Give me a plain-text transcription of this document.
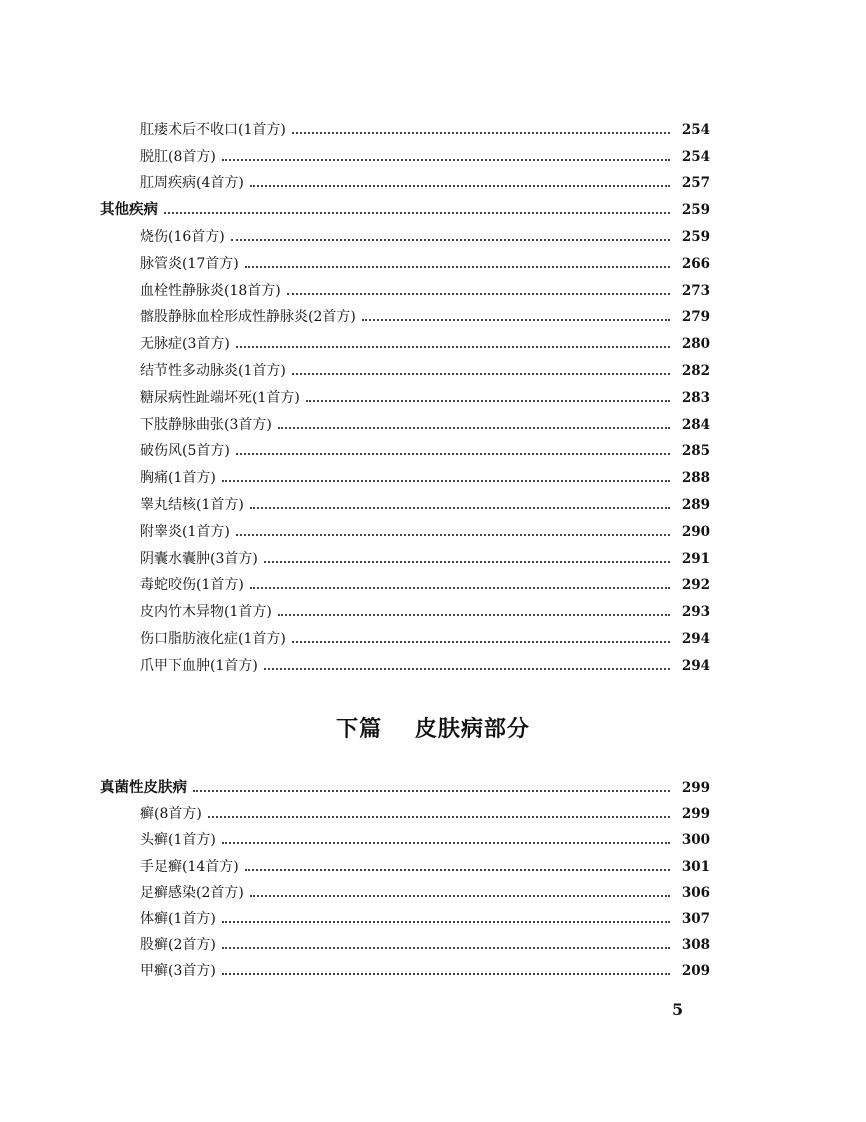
肛瘘术后不收口(1首方)	254
脱肛(8首方)	254
肛周疾病(4首方)	257
其他疾病	259
烧伤(16首方)	259
脉管炎(17首方)	266
血栓性静脉炎(18首方)	273
髂股静脉血栓形成性静脉炎(2首方)	279
无脉症(3首方)	280
结节性多动脉炎(1首方)	282
糖尿病性趾端坏死(1首方)	283
下肢静脉曲张(3首方)	284
破伤风(5首方)	285
胸痛(1首方)	288
睾丸结核(1首方)	289
附睾炎(1首方)	290
阴囊水囊肿(3首方)	291
毒蛇咬伤(1首方)	292
皮内竹木异物(1首方)	293
伤口脂肪液化症(1首方)	294
爪甲下血肿(1首方)	294
下篇 皮肤病部分
真菌性皮肤病	299
癣(8首方)	299
头癣(1首方)	300
手足癣(14首方)	301
足癣感染(2首方)	306
体癣(1首方)	307
股癣(2首方)	308
甲癣(3首方)	209
5
